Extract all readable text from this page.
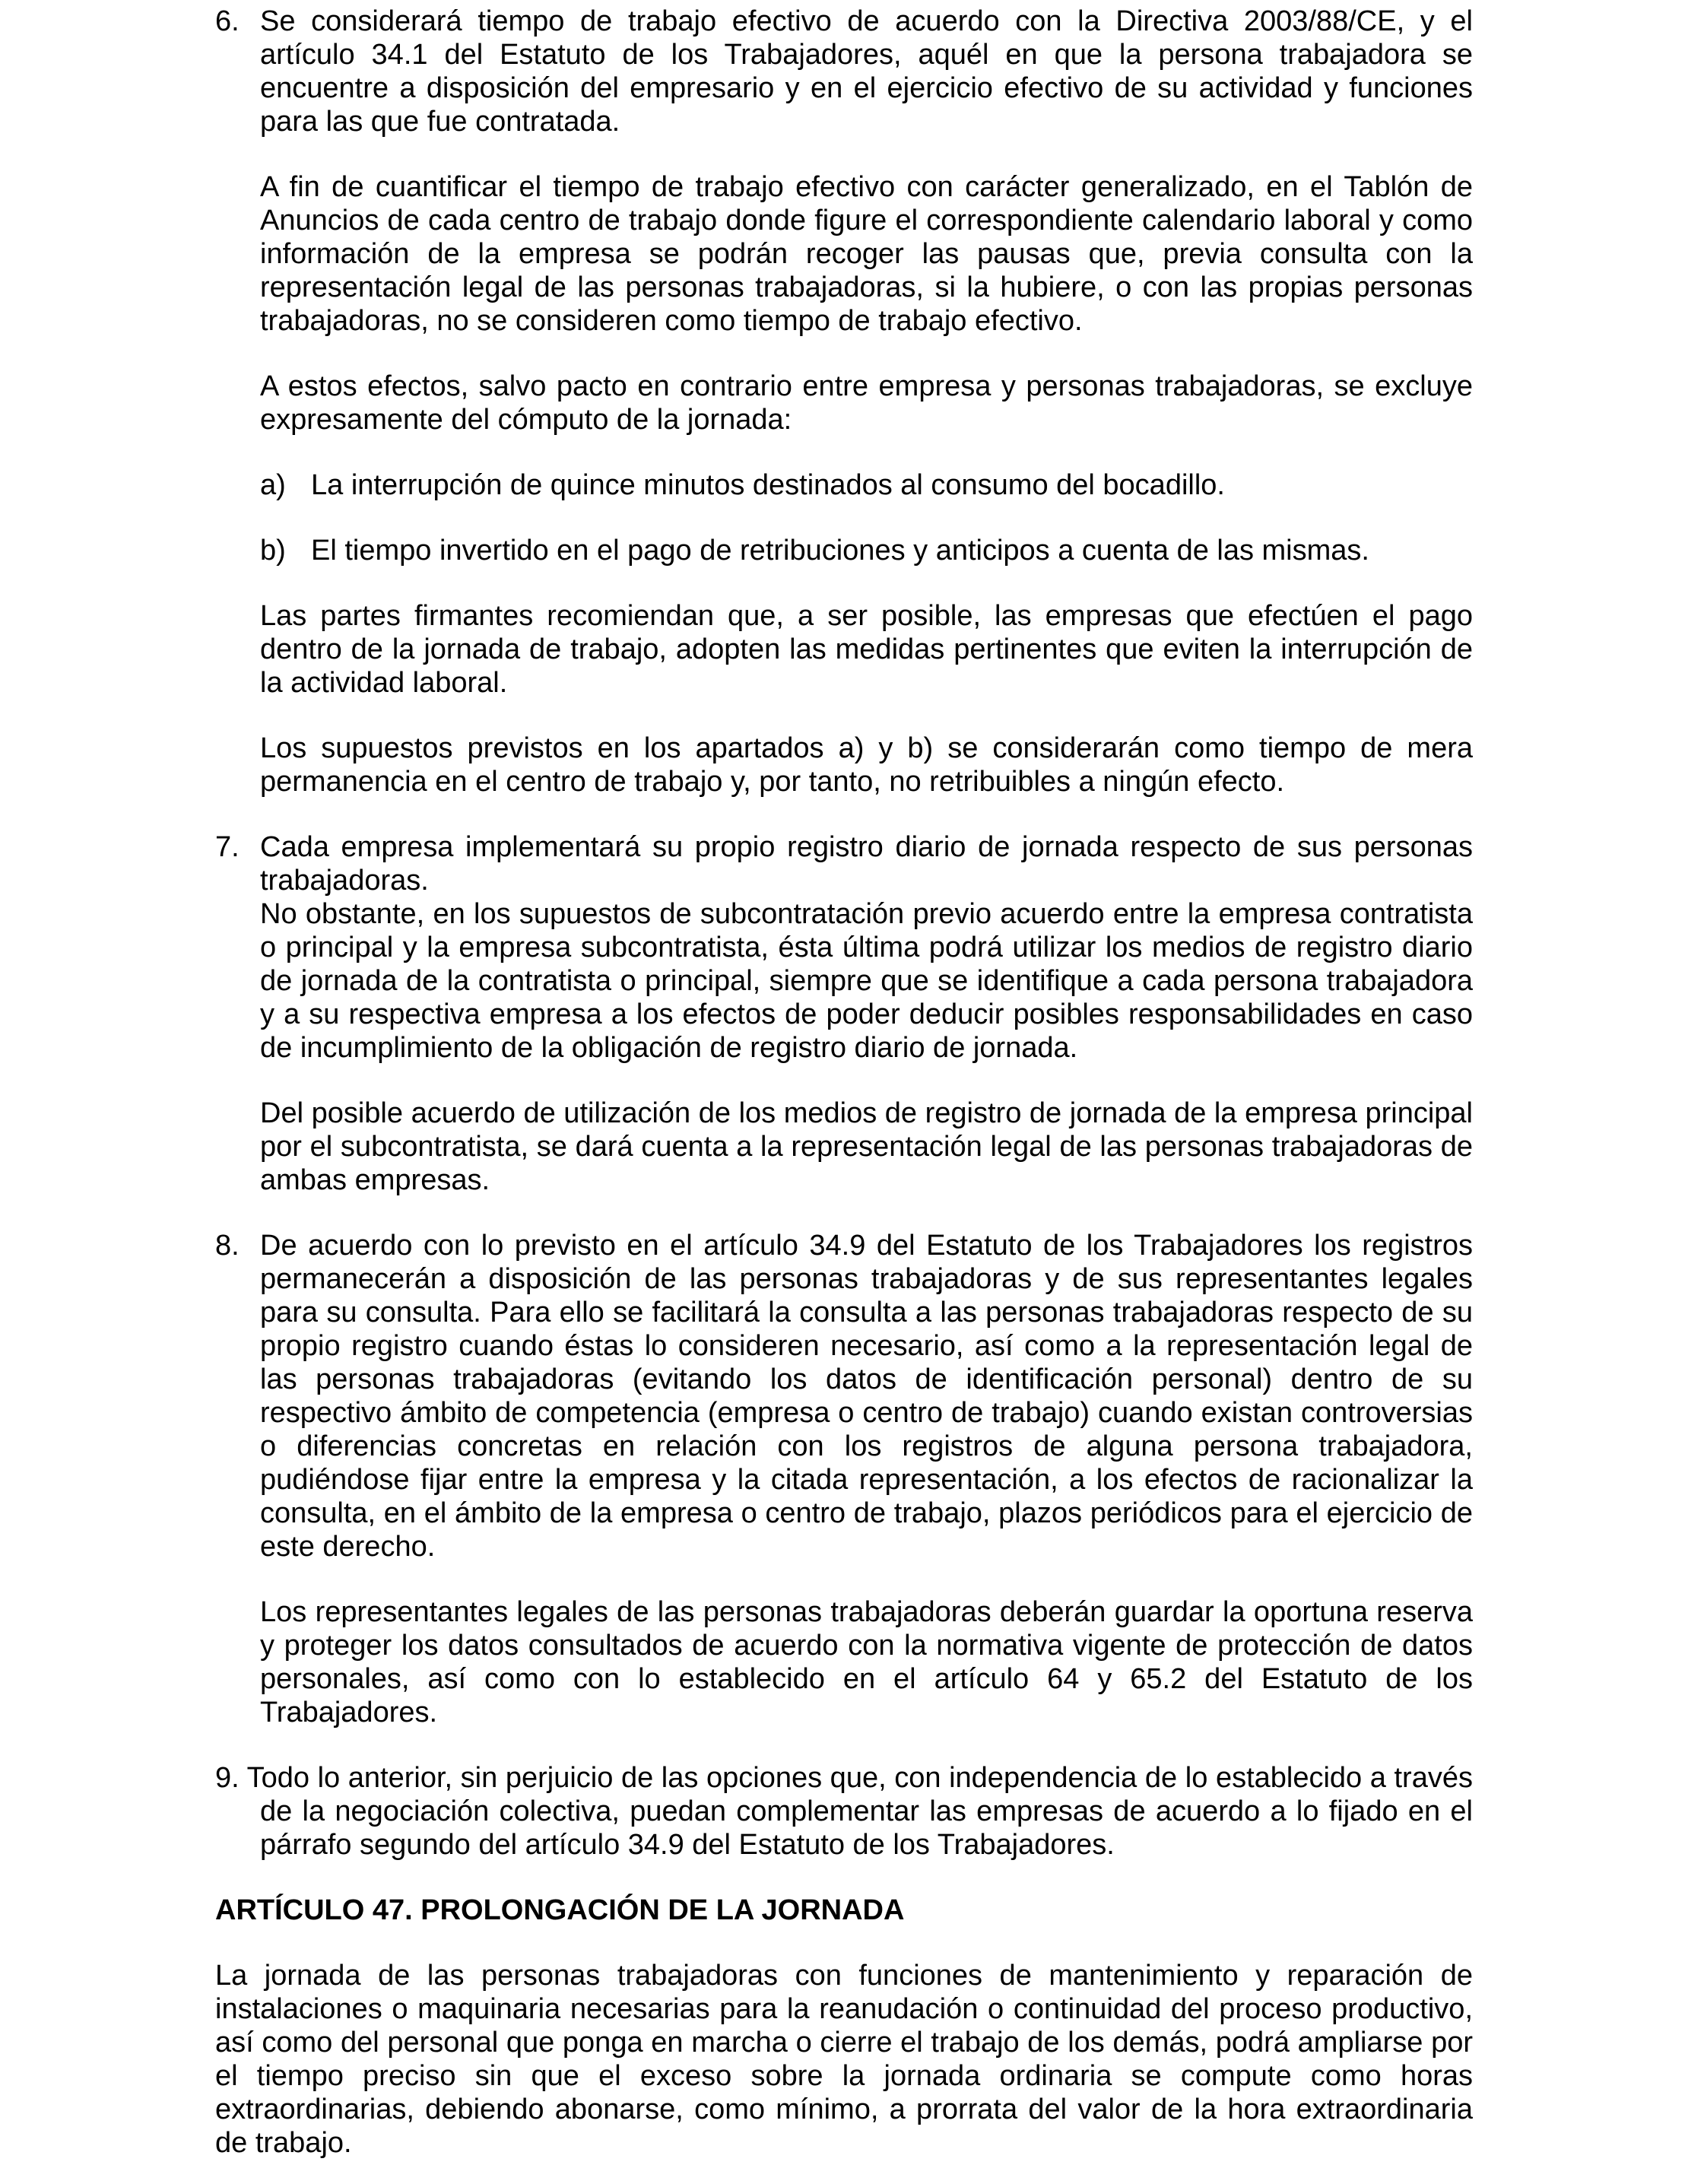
6. Se considerará tiempo de trabajo efectivo de acuerdo con la Directiva 2003/88/CE, y el artículo 34.1 del Estatuto de los Trabajadores, aquél en que la persona trabajadora se encuentre a disposición del empresario y en el ejercicio efectivo de su actividad y funciones para las que fue contratada.
A fin de cuantificar el tiempo de trabajo efectivo con carácter generalizado, en el Tablón de Anuncios de cada centro de trabajo donde figure el correspondiente calendario laboral y como información de la empresa se podrán recoger las pausas que, previa consulta con la representación legal de las personas trabajadoras, si la hubiere, o con las propias personas trabajadoras, no se consideren como tiempo de trabajo efectivo.
A estos efectos, salvo pacto en contrario entre empresa y personas trabajadoras, se excluye expresamente del cómputo de la jornada:
a) La interrupción de quince minutos destinados al consumo del bocadillo.
b) El tiempo invertido en el pago de retribuciones y anticipos a cuenta de las mismas.
Las partes firmantes recomiendan que, a ser posible, las empresas que efectúen el pago dentro de la jornada de trabajo, adopten las medidas pertinentes que eviten la interrupción de la actividad laboral.
Los supuestos previstos en los apartados a) y b) se considerarán como tiempo de mera permanencia en el centro de trabajo y, por tanto, no retribuibles a ningún efecto.
7. Cada empresa implementará su propio registro diario de jornada respecto de sus personas trabajadoras.
No obstante, en los supuestos de subcontratación previo acuerdo entre la empresa contratista o principal y la empresa subcontratista, ésta última podrá utilizar los medios de registro diario de jornada de la contratista o principal, siempre que se identifique a cada persona trabajadora y a su respectiva empresa a los efectos de poder deducir posibles responsabilidades en caso de incumplimiento de la obligación de registro diario de jornada.
Del posible acuerdo de utilización de los medios de registro de jornada de la empresa principal por el subcontratista, se dará cuenta a la representación legal de las personas trabajadoras de ambas empresas.
8. De acuerdo con lo previsto en el artículo 34.9 del Estatuto de los Trabajadores los registros permanecerán a disposición de las personas trabajadoras y de sus representantes legales para su consulta. Para ello se facilitará la consulta a las personas trabajadoras respecto de su propio registro cuando éstas lo consideren necesario, así como a la representación legal de las personas trabajadoras (evitando los datos de identificación personal) dentro de su respectivo ámbito de competencia (empresa o centro de trabajo) cuando existan controversias o diferencias concretas en relación con los registros de alguna persona trabajadora, pudiéndose fijar entre la empresa y la citada representación, a los efectos de racionalizar la consulta, en el ámbito de la empresa o centro de trabajo, plazos periódicos para el ejercicio de este derecho.
Los representantes legales de las personas trabajadoras deberán guardar la oportuna reserva y proteger los datos consultados de acuerdo con la normativa vigente de protección de datos personales, así como con lo establecido en el artículo 64 y 65.2 del Estatuto de los Trabajadores.
9. Todo lo anterior, sin perjuicio de las opciones que, con independencia de lo establecido a través de la negociación colectiva, puedan complementar las empresas de acuerdo a lo fijado en el párrafo segundo del artículo 34.9 del Estatuto de los Trabajadores.
ARTÍCULO 47. PROLONGACIÓN DE LA JORNADA
La jornada de las personas trabajadoras con funciones de mantenimiento y reparación de instalaciones o maquinaria necesarias para la reanudación o continuidad del proceso productivo, así como del personal que ponga en marcha o cierre el trabajo de los demás, podrá ampliarse por el tiempo preciso sin que el exceso sobre la jornada ordinaria se compute como horas extraordinarias, debiendo abonarse, como mínimo, a prorrata del valor de la hora extraordinaria de trabajo.
